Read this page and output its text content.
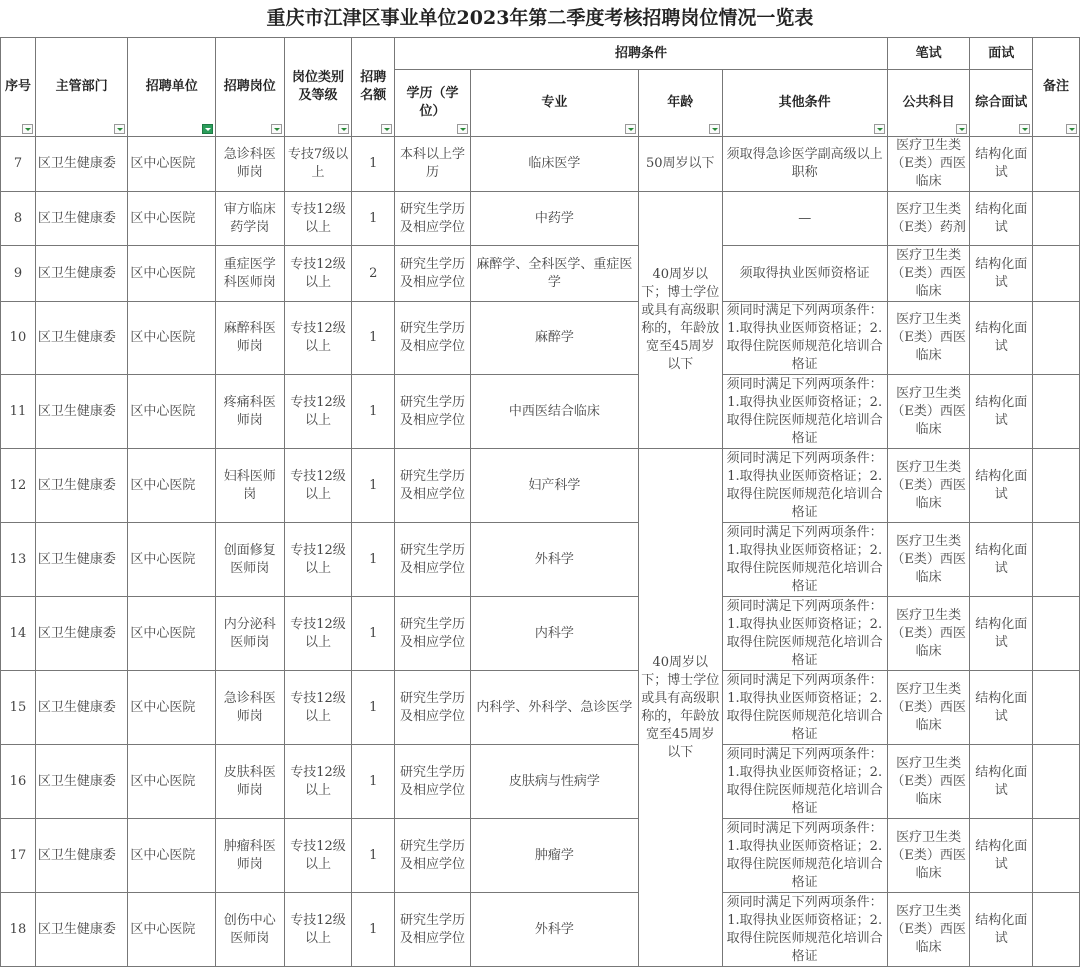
重庆市江津区事业单位2023年第二季度考核招聘岗位情况一览表
序号	主管部门	招聘单位	招聘岗位	岗位类别及等级	招聘名额	招聘条件				笔试	面试	备注

						学历（学位）	专业	年龄	其他条件	公共科目	综合面试	

7	区卫生健康委	区中心医院	急诊科医师岗	专技7级以上	1	本科以上学历	临床医学	50周岁以下	须取得急诊医学副高级以上职称	医疗卫生类（E类）西医临床	结构化面试	
8	区卫生健康委	区中心医院	审方临床药学岗	专技12级以上	1	研究生学历及相应学位	中药学	40周岁以下；博士学位或具有高级职称的，年龄放宽至45周岁以下	—	医疗卫生类（E类）药剂	结构化面试	
9	区卫生健康委	区中心医院	重症医学科医师岗	专技12级以上	2	研究生学历及相应学位	麻醉学、全科医学、重症医学		须取得执业医师资格证	医疗卫生类（E类）西医临床	结构化面试	
10	区卫生健康委	区中心医院	麻醉科医师岗	专技12级以上	1	研究生学历及相应学位	麻醉学		须同时满足下列两项条件：1.取得执业医师资格证；2.取得住院医师规范化培训合格证	医疗卫生类（E类）西医临床	结构化面试	
11	区卫生健康委	区中心医院	疼痛科医师岗	专技12级以上	1	研究生学历及相应学位	中西医结合临床		须同时满足下列两项条件：1.取得执业医师资格证；2.取得住院医师规范化培训合格证	医疗卫生类（E类）西医临床	结构化面试	
12	区卫生健康委	区中心医院	妇科医师岗	专技12级以上	1	研究生学历及相应学位	妇产科学	40周岁以下；博士学位或具有高级职称的，年龄放宽至45周岁以下	须同时满足下列两项条件：1.取得执业医师资格证；2.取得住院医师规范化培训合格证	医疗卫生类（E类）西医临床	结构化面试	
13	区卫生健康委	区中心医院	创面修复医师岗	专技12级以上	1	研究生学历及相应学位	外科学		须同时满足下列两项条件：1.取得执业医师资格证；2.取得住院医师规范化培训合格证	医疗卫生类（E类）西医临床	结构化面试	
14	区卫生健康委	区中心医院	内分泌科医师岗	专技12级以上	1	研究生学历及相应学位	内科学		须同时满足下列两项条件：1.取得执业医师资格证；2.取得住院医师规范化培训合格证	医疗卫生类（E类）西医临床	结构化面试	
15	区卫生健康委	区中心医院	急诊科医师岗	专技12级以上	1	研究生学历及相应学位	内科学、外科学、急诊医学		须同时满足下列两项条件：1.取得执业医师资格证；2.取得住院医师规范化培训合格证	医疗卫生类（E类）西医临床	结构化面试	
16	区卫生健康委	区中心医院	皮肤科医师岗	专技12级以上	1	研究生学历及相应学位	皮肤病与性病学		须同时满足下列两项条件：1.取得执业医师资格证；2.取得住院医师规范化培训合格证	医疗卫生类（E类）西医临床	结构化面试	
17	区卫生健康委	区中心医院	肿瘤科医师岗	专技12级以上	1	研究生学历及相应学位	肿瘤学		须同时满足下列两项条件：1.取得执业医师资格证；2.取得住院医师规范化培训合格证	医疗卫生类（E类）西医临床	结构化面试	
18	区卫生健康委	区中心医院	创伤中心医师岗	专技12级以上	1	研究生学历及相应学位	外科学		须同时满足下列两项条件：1.取得执业医师资格证；2.取得住院医师规范化培训合格证	医疗卫生类（E类）西医临床	结构化面试	
